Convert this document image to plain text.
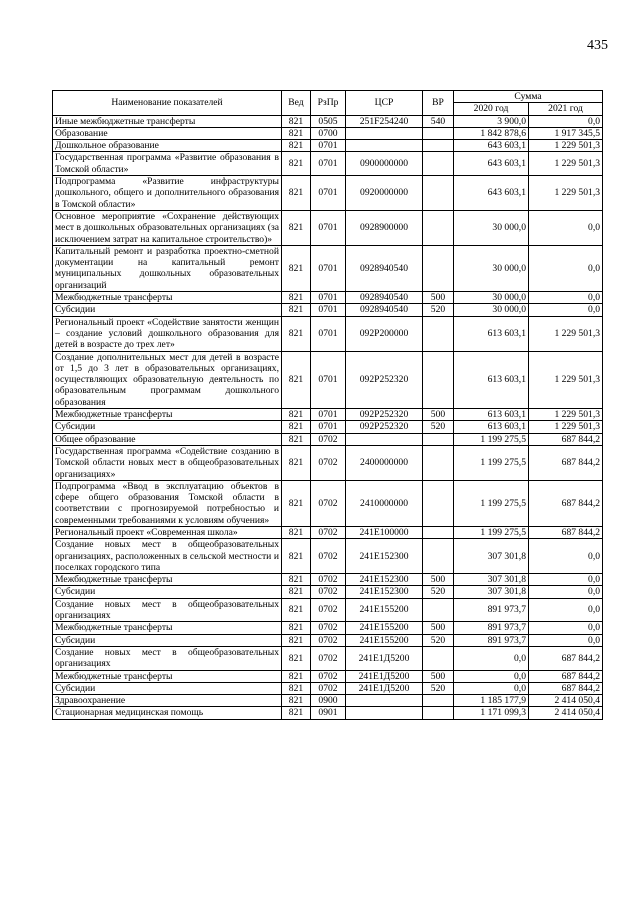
435
Наименование показателей	Вед	РзПр	ЦСР	ВР	Сумма	
					2020 год	2021 год
Иные межбюджетные трансферты	821	0505	251F254240	540	3 900,0	0,0
Образование	821	0700			1 842 878,6	1 917 345,5
Дошкольное образование	821	0701			643 603,1	1 229 501,3
Государственная программа «Развитие образования в Томской области»	821	0701	0900000000		643 603,1	1 229 501,3
Подпрограмма «Развитие инфраструктуры дошкольного, общего и дополнительного образования в Томской области»	821	0701	0920000000		643 603,1	1 229 501,3
Основное мероприятие «Сохранение действующих мест в дошкольных образовательных организациях (за исключением затрат на капитальное строительство)»	821	0701	0928900000		30 000,0	0,0
Капитальный ремонт и разработка проектно-сметной документации на капитальный ремонт муниципальных дошкольных образовательных организаций	821	0701	0928940540		30 000,0	0,0
Межбюджетные трансферты	821	0701	0928940540	500	30 000,0	0,0
Субсидии	821	0701	0928940540	520	30 000,0	0,0
Региональный проект «Содействие занятости женщин – создание условий дошкольного образования для детей в возрасте до трех лет»	821	0701	092P200000		613 603,1	1 229 501,3
Создание дополнительных мест для детей в возрасте от 1,5 до 3 лет в образовательных организациях, осуществляющих образовательную деятельность по образовательным программам дошкольного образования	821	0701	092P252320		613 603,1	1 229 501,3
Межбюджетные трансферты	821	0701	092P252320	500	613 603,1	1 229 501,3
Субсидии	821	0701	092P252320	520	613 603,1	1 229 501,3
Общее образование	821	0702			1 199 275,5	687 844,2
Государственная программа «Содействие созданию в Томской области новых мест в общеобразовательных организациях»	821	0702	2400000000		1 199 275,5	687 844,2
Подпрограмма «Ввод в эксплуатацию объектов в сфере общего образования Томской области в соответствии с прогнозируемой потребностью и современными требованиями к условиям обучения»	821	0702	2410000000		1 199 275,5	687 844,2
Региональный проект «Современная школа»	821	0702	241E100000		1 199 275,5	687 844,2
Создание новых мест в общеобразовательных организациях, расположенных в сельской местности и поселках городского типа	821	0702	241E152300		307 301,8	0,0
Межбюджетные трансферты	821	0702	241E152300	500	307 301,8	0,0
Субсидии	821	0702	241E152300	520	307 301,8	0,0
Создание новых мест в общеобразовательных организациях	821	0702	241E155200		891 973,7	0,0
Межбюджетные трансферты	821	0702	241E155200	500	891 973,7	0,0
Субсидии	821	0702	241E155200	520	891 973,7	0,0
Создание новых мест в общеобразовательных организациях	821	0702	241E1Д5200		0,0	687 844,2
Межбюджетные трансферты	821	0702	241E1Д5200	500	0,0	687 844,2
Субсидии	821	0702	241E1Д5200	520	0,0	687 844,2
Здравоохранение	821	0900			1 185 177,9	2 414 050,4
Стационарная медицинская помощь	821	0901			1 171 099,3	2 414 050,4
